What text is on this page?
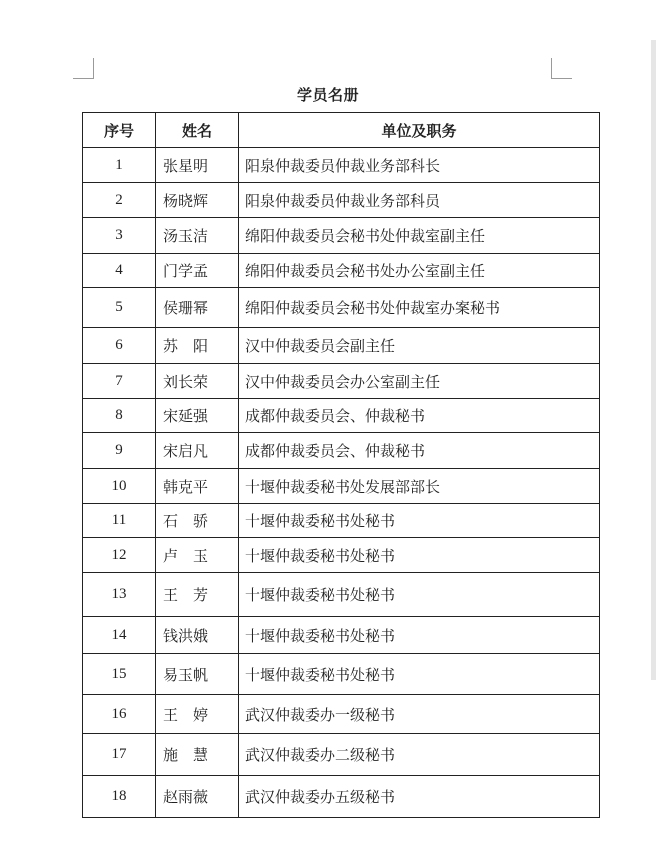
学员名册
序号	姓名	单位及职务
1	张星明	阳泉仲裁委员仲裁业务部科长
2	杨晓辉	阳泉仲裁委员仲裁业务部科员
3	汤玉洁	绵阳仲裁委员会秘书处仲裁室副主任
4	门学孟	绵阳仲裁委员会秘书处办公室副主任
5	侯珊幂	绵阳仲裁委员会秘书处仲裁室办案秘书
6	苏　阳	汉中仲裁委员会副主任
7	刘长荣	汉中仲裁委员会办公室副主任
8	宋延强	成都仲裁委员会、仲裁秘书
9	宋启凡	成都仲裁委员会、仲裁秘书
10	韩克平	十堰仲裁委秘书处发展部部长
11	石　骄	十堰仲裁委秘书处秘书
12	卢　玉	十堰仲裁委秘书处秘书
13	王　芳	十堰仲裁委秘书处秘书
14	钱洪娥	十堰仲裁委秘书处秘书
15	易玉帆	十堰仲裁委秘书处秘书
16	王　婷	武汉仲裁委办一级秘书
17	施　慧	武汉仲裁委办二级秘书
18	赵雨薇	武汉仲裁委办五级秘书
